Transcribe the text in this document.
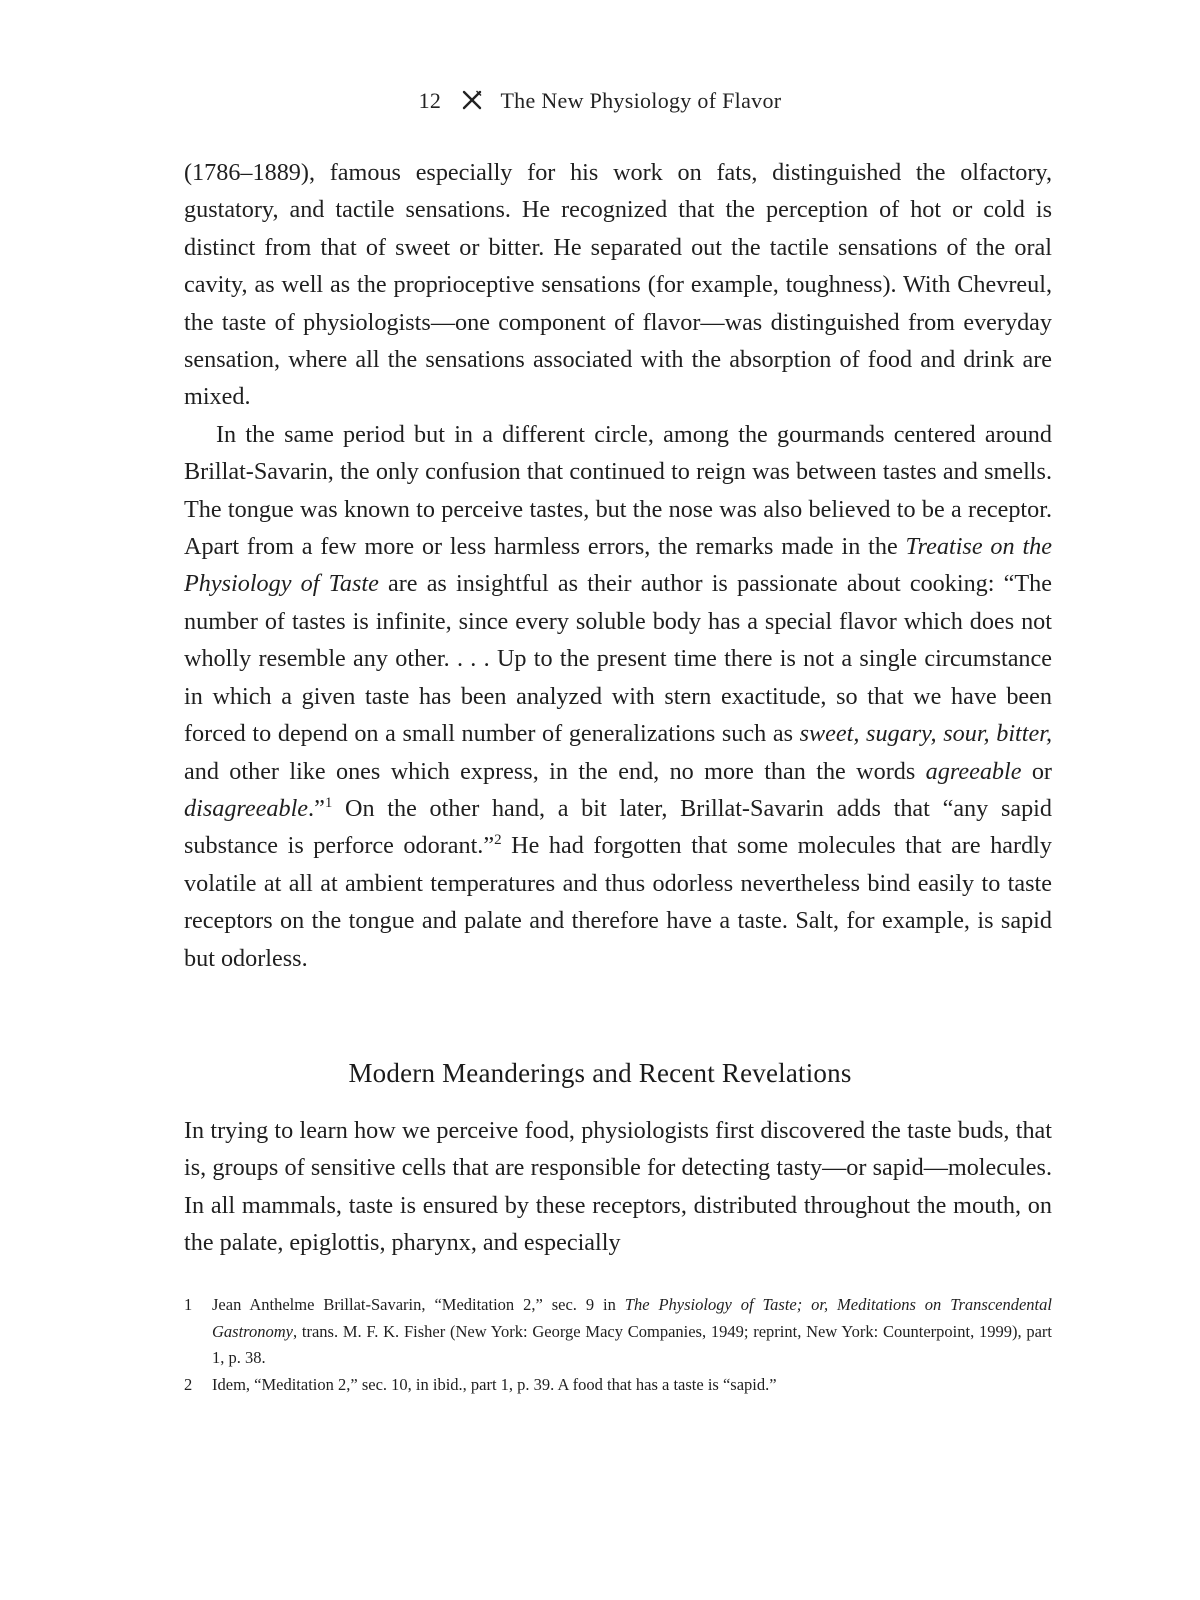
12	The New Physiology of Flavor

(1786–1889), famous especially for his work on fats, distinguished the olfactory, gustatory, and tactile sensations. He recognized that the perception of hot or cold is distinct from that of sweet or bitter. He separated out the tactile sensations of the oral cavity, as well as the proprioceptive sensations (for example, toughness). With Chevreul, the taste of physiologists—one component of flavor—was distinguished from everyday sensation, where all the sensations associated with the absorption of food and drink are mixed.

In the same period but in a different circle, among the gourmands centered around Brillat-Savarin, the only confusion that continued to reign was between tastes and smells. The tongue was known to perceive tastes, but the nose was also believed to be a receptor. Apart from a few more or less harmless errors, the remarks made in the Treatise on the Physiology of Taste are as insightful as their author is passionate about cooking: “The number of tastes is infinite, since every soluble body has a special flavor which does not wholly resemble any other. . . . Up to the present time there is not a single circumstance in which a given taste has been analyzed with stern exactitude, so that we have been forced to depend on a small number of generalizations such as sweet, sugary, sour, bitter, and other like ones which express, in the end, no more than the words agreeable or disagreeable.”$^1$ On the other hand, a bit later, Brillat-Savarin adds that “any sapid substance is perforce odorant.”$^2$ He had forgotten that some molecules that are hardly volatile at all at ambient temperatures and thus odorless nevertheless bind easily to taste receptors on the tongue and palate and therefore have a taste. Salt, for example, is sapid but odorless.

Modern Meanderings and Recent Revelations

In trying to learn how we perceive food, physiologists first discovered the taste buds, that is, groups of sensitive cells that are responsible for detecting tasty—or sapid—molecules. In all mammals, taste is ensured by these receptors, distributed throughout the mouth, on the palate, epiglottis, pharynx, and especially

1 Jean Anthelme Brillat-Savarin, “Meditation 2,” sec. 9 in The Physiology of Taste; or, Meditations on Transcendental Gastronomy, trans. M. F. K. Fisher (New York: George Macy Companies, 1949; reprint, New York: Counterpoint, 1999), part 1, p. 38.

2 Idem, “Meditation 2,” sec. 10, in ibid., part 1, p. 39. A food that has a taste is “sapid.”
